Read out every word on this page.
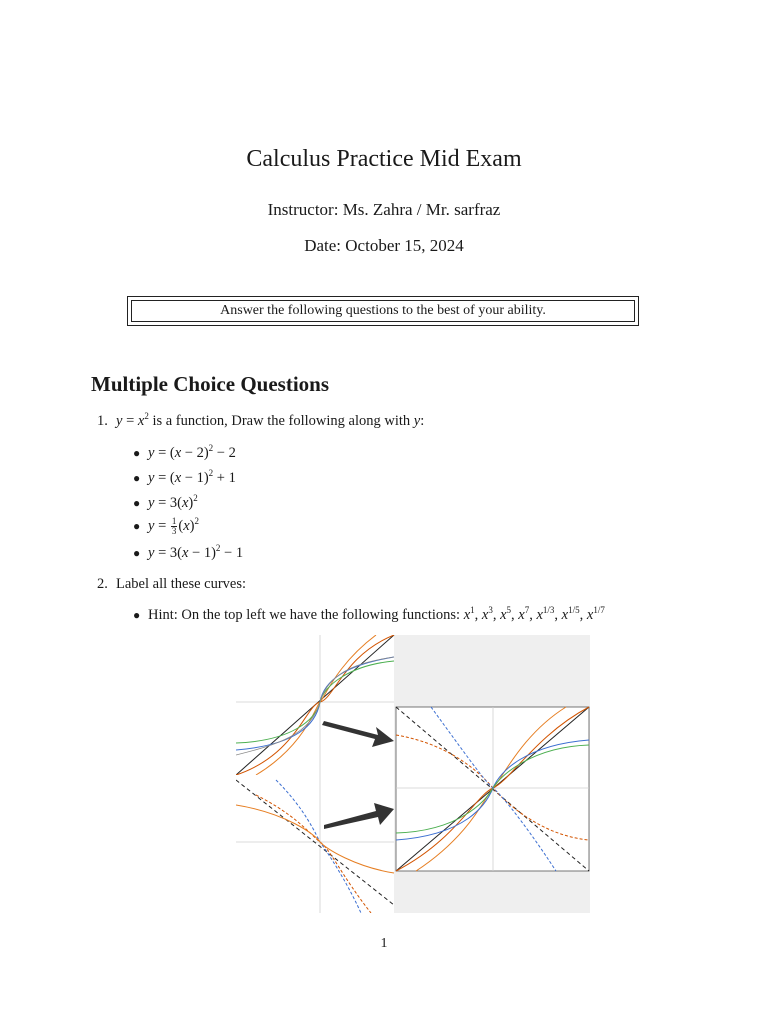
Calculus Practice Mid Exam
Instructor: Ms. Zahra / Mr. sarfraz
Date: October 15, 2024
Answer the following questions to the best of your ability.
Multiple Choice Questions
1. $y = x^2$ is a function, Draw the following along with y:
● $y = (x - 2)^2 - 2$
● $y = (x - 1)^2 + 1$
● $y = 3(x)^2$
● $y = \frac{1}{3} (x)^2$
● $y = 3(x - 1)^2 - 1$
2. Label all these curves:
● Hint: On the top left we have the following functions: $x^1$, $x^3$, $x^5$, $x^7$, $x^{1/3}$, $x^{1/5}$, $x^{1/7}$
1
